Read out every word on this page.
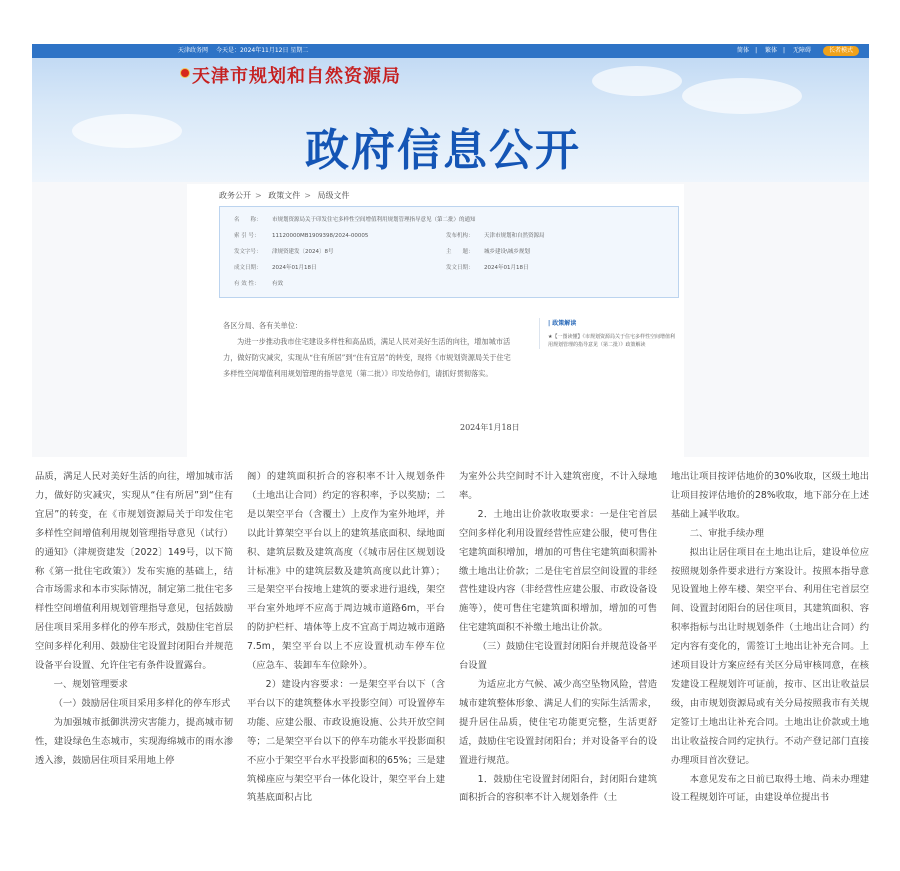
天津政务网 今天是：2024年11月12日 星期二	简体 | 繁体 | 无障碍	长者模式
天津市规划和自然资源局
政府信息公开
政务公开 > 政策文件 > 局级文件
名　　称： 市规划资源局关于印发住宅多样性空间增值利用规划管理指导意见（第二批）的通知
索 引 号： 11120000MB1909398/2024-00005	发布机构： 天津市规划和自然资源局
发文字号： 津规资建发〔2024〕8号	主　　题： 城乡建设\城乡规划
成文日期： 2024年01月18日	发文日期： 2024年01月18日
有 效 性： 有效

各区分局、各有关单位：

为进一步推动我市住宅建设多样性和高品质，满足人民对美好生活的向往，增加城市活力，做好防灾减灾，实现从“住有所居”到“住有宜居”的转变，现将《市规划资源局关于住宅多样性空间增值利用规划管理的指导意见（第二批）》印发给你们，请抓好贯彻落实。

2024年1月18日
| 政策解读
★【一图读懂】《市规划资源局关于住宅多样性空间增值利用规划管理的指导意见（第二批）》政策解读

品质，满足人民对美好生活的向往，增加城市活力，做好防灾减灾，实现从“住有所居”到“住有宜居”的转变，在《市规划资源局关于印发住宅多样性空间增值利用规划管理指导意见（试行）的通知》（津规资建发〔2022〕149号，以下简称《第一批住宅政策》）发布实施的基础上，结合市场需求和本市实际情况，制定第二批住宅多样性空间增值利用规划管理指导意见，包括鼓励居住项目采用多样化的停车形式，鼓励住宅首层空间多样化利用、鼓励住宅设置封闭阳台并规范设备平台设置、允许住宅有条件设置露台。

一、规划管理要求

（一）鼓励居住项目采用多样化的停车形式

为加强城市抵御洪涝灾害能力，提高城市韧性，建设绿色生态城市，实现海绵城市的雨水渗透入渗，鼓励居住项目采用地上停

阁）的建筑面积折合的容积率不计入规划条件（土地出让合同）约定的容积率，予以奖励；二是以架空平台（含覆土）上皮作为室外地坪，并以此计算架空平台以上的建筑基底面积、绿地面积、建筑层数及建筑高度（《城市居住区规划设计标准》中的建筑层数及建筑高度以此计算）；三是架空平台按地上建筑的要求进行退线，架空平台室外地坪不应高于周边城市道路6m，平台的防护栏杆、墙体等上皮不宜高于周边城市道路7.5m，架空平台以上不应设置机动车停车位（应急车、装卸车车位除外）。

2）建设内容要求：一是架空平台以下（含平台以下的建筑整体水平投影空间）可设置停车功能、应建公服、市政设施设施、公共开放空间等；二是架空平台以下的停车功能水平投影面积不应小于架空平台水平投影面积的65%；三是建筑梯座应与架空平台一体化设计，架空平台上建筑基底面积占比

为室外公共空间时不计入建筑密度，不计入绿地率。

2．土地出让价款收取要求：一是住宅首层空间多样化利用设置经营性应建公服，使可售住宅建筑面积增加，增加的可售住宅建筑面积需补缴土地出让价款；二是住宅首层空间设置的非经营性建设内容（非经营性应建公服、市政设备设施等），使可售住宅建筑面积增加，增加的可售住宅建筑面积不补缴土地出让价款。

（三）鼓励住宅设置封闭阳台并规范设备平台设置

为适应北方气候、减少高空坠物风险，营造城市建筑整体形象、满足人们的实际生活需求，提升居住品质，使住宅功能更完整，生活更舒适，鼓励住宅设置封闭阳台；并对设备平台的设置进行规范。

1．鼓励住宅设置封闭阳台，封闭阳台建筑面积折合的容积率不计入规划条件（土

地出让项目按评估地价的30%收取，区级土地出让项目按评估地价的28%收取，地下部分在上述基础上减半收取。

二、审批手续办理

拟出让居住项目在土地出让后，建设单位应按照规划条件要求进行方案设计。按照本指导意见设置地上停车楼、架空平台、利用住宅首层空间、设置封闭阳台的居住项目，其建筑面积、容积率指标与出让时规划条件（土地出让合同）约定内容有变化的，需签订土地出让补充合同。上述项目设计方案应经有关区分局审核同意，在核发建设工程规划许可证前，按市、区出让收益层级，由市规划资源局或有关分局按照我市有关规定签订土地出让补充合同。土地出让价款或土地出让收益按合同约定执行。不动产登记部门直接办理项目首次登记。

本意见发布之日前已取得土地、尚未办理建设工程规划许可证，由建设单位提出书
